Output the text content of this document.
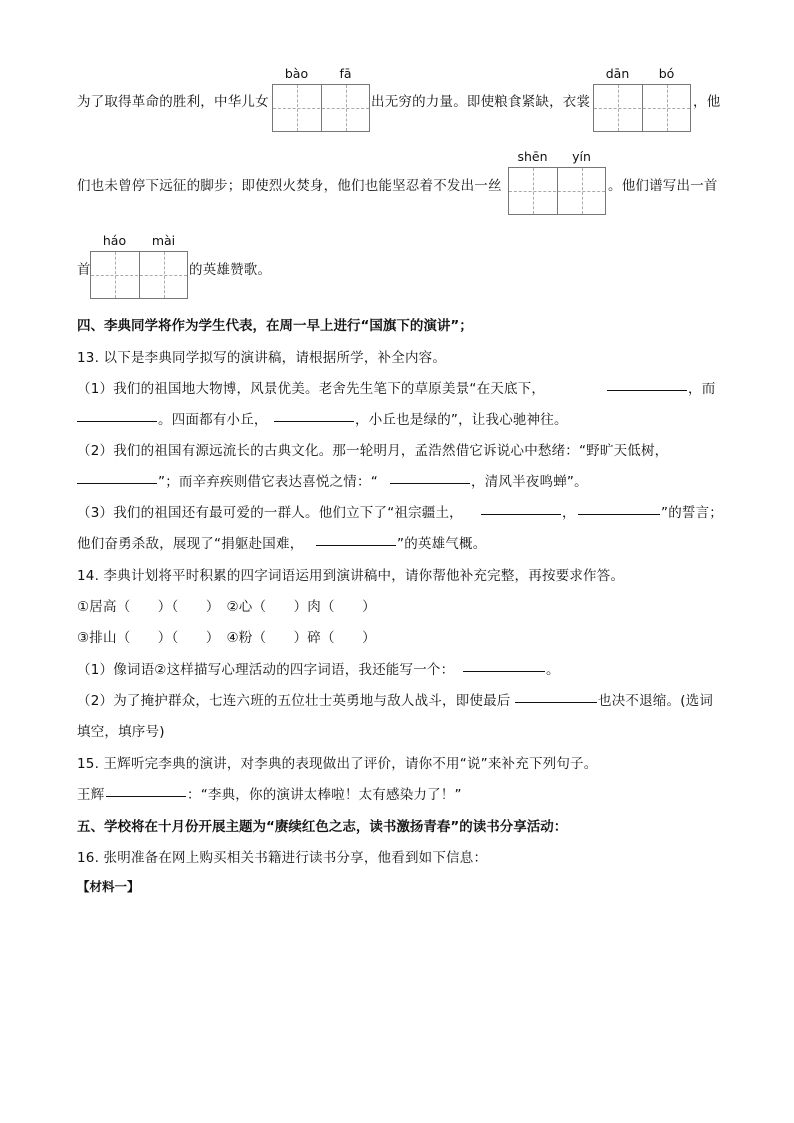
为了取得革命的胜利，中华儿女
bào	fā
出无穷的力量。即使粮食紧缺，衣裳
dān	bó
，他
们也未曾停下远征的脚步；即使烈火焚身，他们也能坚忍着不发出一丝
shēn	yín
。他们谱写出一首
首
háo	mài
的英雄赞歌。
四、李典同学将作为学生代表，在周一早上进行“国旗下的演讲”；
13. 以下是李典同学拟写的演讲稿，请根据所学，补全内容。
（1）我们的祖国地大物博，风景优美。老舍先生笔下的草原美景“在天底下，	，而
。四面都有小丘，	，小丘也是绿的”，让我心驰神往。
（2）我们的祖国有源远流长的古典文化。那一轮明月，孟浩然借它诉说心中愁绪：“野旷天低树，
”；而辛弃疾则借它表达喜悦之情：“	，清风半夜鸣蝉”。
（3）我们的祖国还有最可爱的一群人。他们立下了“祖宗疆土，	，	”的誓言；
他们奋勇杀敌，展现了“捐躯赴国难，	”的英雄气概。
14. 李典计划将平时积累的四字词语运用到演讲稿中，请你帮他补充完整，再按要求作答。
①居高（　　）（　　）　②心（　　）肉（　　）
③排山（　　）（　　）　④粉（　　）碎（　　）
（1）像词语②这样描写心理活动的四字词语，我还能写一个：	。
（2）为了掩护群众，七连六班的五位壮士英勇地与敌人战斗，即使最后	也决不退缩。(选词
填空，填序号)
15. 王辉听完李典的演讲，对李典的表现做出了评价，请你不用“说”来补充下列句子。
王辉	：“李典，你的演讲太棒啦！太有感染力了！”
五、学校将在十月份开展主题为“赓续红色之志，读书激扬青春”的读书分享活动：
16. 张明准备在网上购买相关书籍进行读书分享，他看到如下信息：
【材料一】
